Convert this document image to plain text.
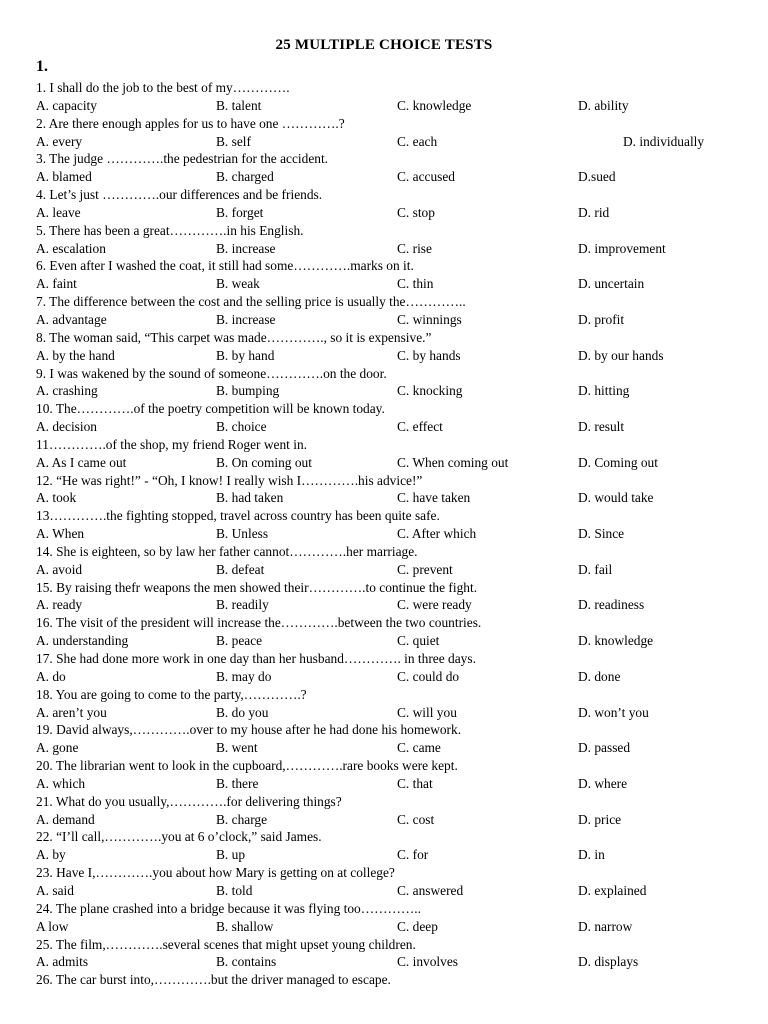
25 MULTIPLE CHOICE TESTS
1.
1. I shall do the job to the best of my………….
A. capacity	B. talent	C. knowledge	D. ability
2. Are there enough apples for us to have one ………….?
A. every	B. self	C. each	D. individually
3. The judge ………….the pedestrian for the accident.
A. blamed	B. charged	C. accused	D.sued
4. Let’s just ………….our differences and be friends.
A. leave	B. forget	C. stop	D. rid
5. There has been a great………….in his English.
A. escalation	B. increase	C. rise	D. improvement
6. Even after I washed the coat, it still had some………….marks on it.
A. faint	B. weak	C. thin	D. uncertain
7. The difference between the cost and the selling price is usually the…………..
A. advantage	B. increase	C. winnings	D. profit
8. The woman said, “This carpet was made…………., so it is expensive.”
A. by the hand	B. by hand	C. by hands	D. by our hands
9. I was wakened by the sound of someone………….on the door.
A. crashing	B. bumping	C. knocking	D. hitting
10. The………….of the poetry competition will be known today.
A. decision	B. choice	C. effect	D. result
11………….of the shop, my friend Roger went in.
A. As I came out	B. On coming out	C. When coming out	D. Coming out
12. “He was right!” - “Oh, I know! I really wish I………….his advice!”
A. took	B. had taken	C. have taken	D. would take
13………….the fighting stopped, travel across country has been quite safe.
A. When	B. Unless	C. After which	D. Since
14. She is eighteen, so by law her father cannot………….her marriage.
A. avoid	B. defeat	C. prevent	D. fail
15. By raising thefr weapons the men showed their………….to continue the fight.
A. ready	B. readily	C. were ready	D. readiness
16. The visit of the president will increase the………….between the two countries.
A. understanding	B. peace	C. quiet	D. knowledge
17. She had done more work in one day than her husband…………. in three days.
A. do	B. may do	C. could do	D. done
18. You are going to come to the party,………….?
A. aren’t you	B. do you	C. will you	D. won’t you
19. David always,………….over to my house after he had done his homework.
A. gone	B. went	C. came	D. passed
20. The librarian went to look in the cupboard,………….rare books were kept.
A. which	B. there	C. that	D. where
21. What do you usually,………….for delivering things?
A. demand	B. charge	C. cost	D. price
22. “I’ll call,………….you at 6 o’clock,” said James.
A. by	B. up	C. for	D. in
23. Have I,………….you about how Mary is getting on at college?
A. said	B. told	C. answered	D. explained
24. The plane crashed into a bridge because it was flying too…………..
A low	B. shallow	C. deep	D. narrow
25. The film,………….several scenes that might upset young children.
A. admits	B. contains	C. involves	D. displays
26. The car burst into,………….but the driver managed to escape.
